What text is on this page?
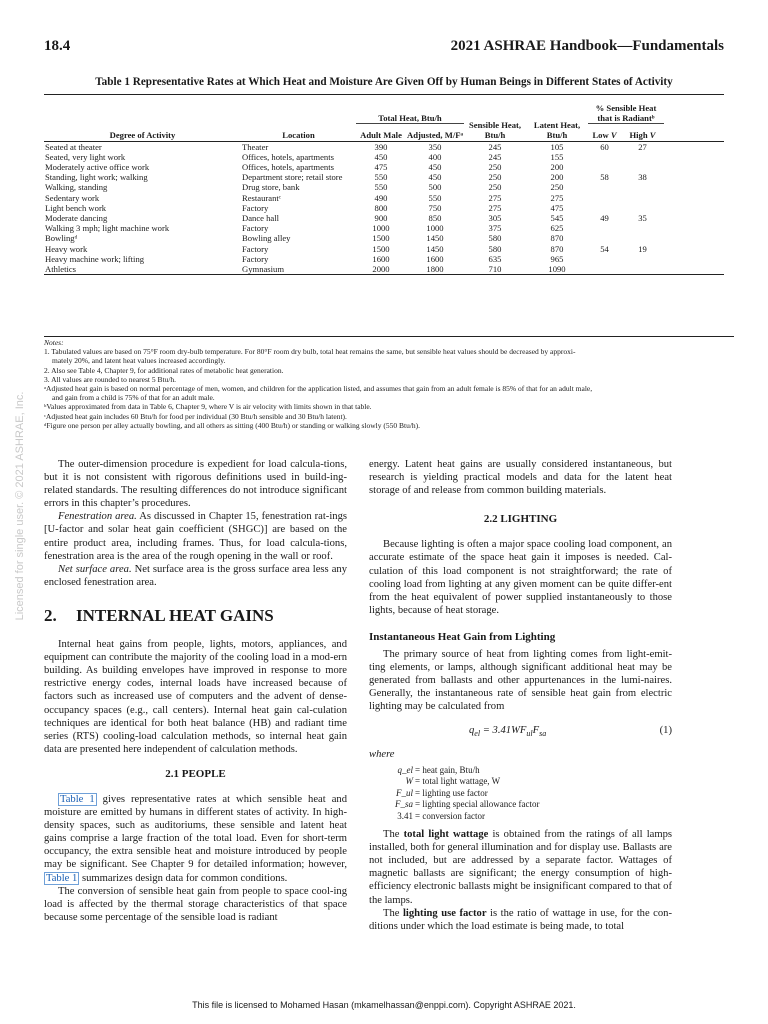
18.4	2021 ASHRAE Handbook—Fundamentals
Table 1 Representative Rates at Which Heat and Moisture Are Given Off by Human Beings in Different States of Activity
Degree of Activity	Location	Total Heat, Btu/h		Sensible Heat, Btu/h	Latent Heat, Btu/h	% Sensible Heat that is Radiantᵇ		
		Adult Male	Adjusted, M/Fᵃ					
						Low V	High V	
Seated at theater	Theater	390	350	245	105	60	27	
Seated, very light work	Offices, hotels, apartments	450	400	245	155			
Moderately active office work	Offices, hotels, apartments	475	450	250	200			
Standing, light work; walking	Department store; retail store	550	450	250	200	58	38	
Walking, standing	Drug store, bank	550	500	250	250			
Sedentary work	Restaurantᶜ	490	550	275	275			
Light bench work	Factory	800	750	275	475			
Moderate dancing	Dance hall	900	850	305	545	49	35	
Walking 3 mph; light machine work	Factory	1000	1000	375	625			
Bowlingᵈ	Bowling alley	1500	1450	580	870			
Heavy work	Factory	1500	1450	580	870	54	19	
Heavy machine work; lifting	Factory	1600	1600	635	965			
Athletics	Gymnasium	2000	1800	710	1090			
Notes:
1. Tabulated values are based on 75°F room dry-bulb temperature. For 80°F room dry bulb, total heat remains the same, but sensible heat values should be decreased by approxi-
mately 20%, and latent heat values increased accordingly.
2. Also see Table 4, Chapter 9, for additional rates of metabolic heat generation.
3. All values are rounded to nearest 5 Btu/h.
ᵃAdjusted heat gain is based on normal percentage of men, women, and children for the application listed, and assumes that gain from an adult female is 85% of that for an adult male,
and gain from a child is 75% of that for an adult male.
ᵇValues approximated from data in Table 6, Chapter 9, where V is air velocity with limits shown in that table.
ᶜAdjusted heat gain includes 60 Btu/h for food per individual (30 Btu/h sensible and 30 Btu/h latent).
ᵈFigure one person per alley actually bowling, and all others as sitting (400 Btu/h) or standing or walking slowly (550 Btu/h).
Licensed for single user. © 2021 ASHRAE, Inc.	The outer-dimension procedure is expedient for load calcula-tions, but it is not consistent with rigorous definitions used in build-ing-related standards. The resulting differences do not introduce significant errors in this chapter’s procedures.

Fenestration area. As discussed in Chapter 15, fenestration rat-ings [U-factor and solar heat gain coefficient (SHGC)] are based on the entire product area, including frames. Thus, for load calcula-tions, fenestration area is the area of the rough opening in the wall or roof.

Net surface area. Net surface area is the gross surface area less any enclosed fenestration area.

2. INTERNAL HEAT GAINS

Internal heat gains from people, lights, motors, appliances, and equipment can contribute the majority of the cooling load in a mod-ern building. As building envelopes have improved in response to more restrictive energy codes, internal loads have increased because of factors such as increased use of computers and the advent of dense-occupancy spaces (e.g., call centers). Internal heat gain cal-culation techniques are identical for both heat balance (HB) and radiant time series (RTS) cooling-load calculation methods, so internal heat gain data are presented here independent of calculation methods.

2.1 PEOPLE

Table 1 gives representative rates at which sensible heat and moisture are emitted by humans in different states of activity. In high-density spaces, such as auditoriums, these sensible and latent heat gains comprise a large fraction of the total load. Even for short-term occupancy, the extra sensible heat and moisture introduced by people may be significant. See Chapter 9 for detailed information; however, Table 1 summarizes design data for common conditions.

The conversion of sensible heat gain from people to space cool-ing load is affected by the thermal storage characteristics of that space because some percentage of the sensible load is radiant

energy. Latent heat gains are usually considered instantaneous, but research is yielding practical models and data for the latent heat storage of and release from common building materials.

2.2 LIGHTING

Because lighting is often a major space cooling load component, an accurate estimate of the space heat gain it imposes is needed. Cal-culation of this load component is not straightforward; the rate of cooling load from lighting at any given moment can be quite differ-ent from the heat equivalent of power supplied instantaneously to those lights, because of heat storage.

Instantaneous Heat Gain from Lighting

The primary source of heat from lighting comes from light-emit-ting elements, or lamps, although significant additional heat may be generated from ballasts and other appurtenances in the lumi-naires. Generally, the instantaneous rate of sensible heat gain from electric lighting may be calculated from

$q_{el} = 3.41WF_{ul}F_{sa}$	(1)
where
q_el = heat gain, Btu/h
W = total light wattage, W
F_ul = lighting use factor
F_sa = lighting special allowance factor
3.41 = conversion factor

The total light wattage is obtained from the ratings of all lamps installed, both for general illumination and for display use. Ballasts are not included, but are addressed by a separate factor. Wattages of magnetic ballasts are significant; the energy consumption of high-efficiency electronic ballasts might be insignificant compared to that of the lamps.

The lighting use factor is the ratio of wattage in use, for the con-ditions under which the load estimate is being made, to total

This file is licensed to Mohamed Hasan (mkamelhassan@enppi.com). Copyright ASHRAE 2021.
